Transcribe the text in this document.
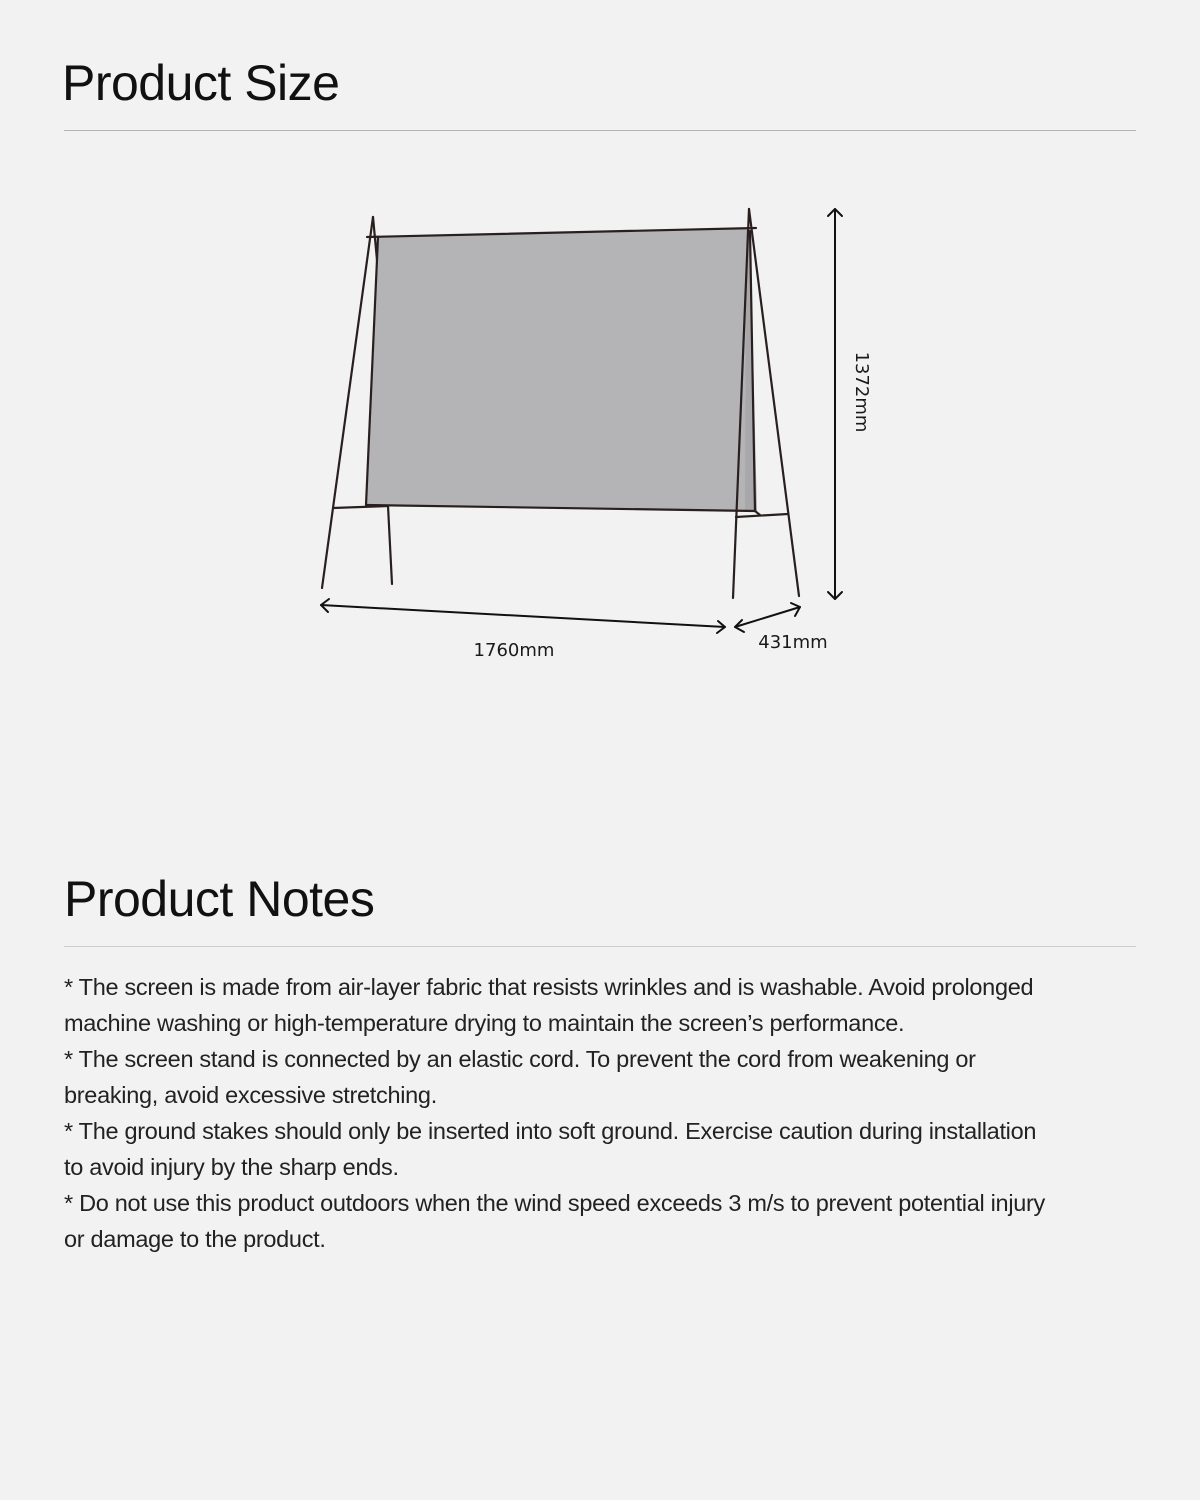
Product Size
1760mm	431mm
1372mm
Product Notes

* The screen is made from air-layer fabric that resists wrinkles and is washable. Avoid prolonged
machine washing or high-temperature drying to maintain the screen’s performance.

* The screen stand is connected by an elastic cord. To prevent the cord from weakening or
breaking, avoid excessive stretching.

* The ground stakes should only be inserted into soft ground. Exercise caution during installation
to avoid injury by the sharp ends.

* Do not use this product outdoors when the wind speed exceeds 3 m/s to prevent potential injury
or damage to the product.
